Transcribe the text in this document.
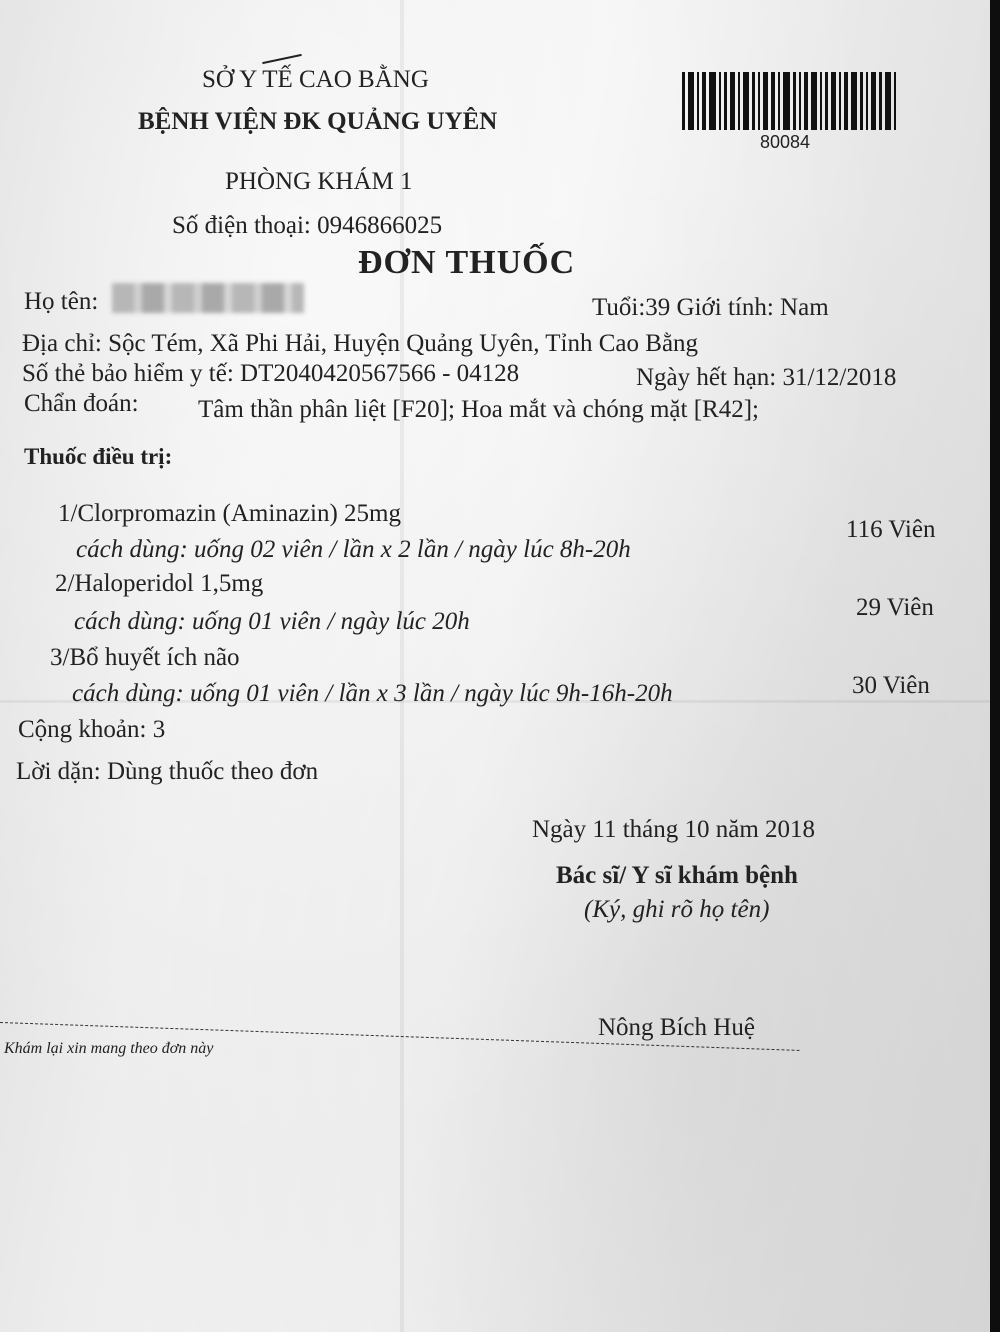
SỞ Y TẾ CAO BẰNG
BỆNH VIỆN ĐK QUẢNG UYÊN
PHÒNG KHÁM 1
Số điện thoại: 0946866025
80084
ĐƠN THUỐC
Họ tên:	Tuổi:39 Giới tính: Nam
Địa chỉ: Sộc Tém, Xã Phi Hải, Huyện Quảng Uyên, Tỉnh Cao Bằng
Số thẻ bảo hiểm y tế: DT2040420567566 - 04128	Ngày hết hạn: 31/12/2018
Chẩn đoán: Tâm thần phân liệt [F20]; Hoa mắt và chóng mặt [R42];
Thuốc điều trị:
1/Clorpromazin (Aminazin) 25mg
cách dùng: uống 02 viên / lần x 2 lần / ngày lúc 8h-20h
116 Viên
2/Haloperidol 1,5mg
cách dùng: uống 01 viên / ngày lúc 20h
29 Viên
3/Bổ huyết ích não
cách dùng: uống 01 viên / lần x 3 lần / ngày lúc 9h-16h-20h	30 Viên
Cộng khoản: 3
Lời dặn: Dùng thuốc theo đơn
Ngày 11 tháng 10 năm 2018
Bác sĩ/ Y sĩ khám bệnh
(Ký, ghi rõ họ tên)
Nông Bích Huệ
Khám lại xin mang theo đơn này
